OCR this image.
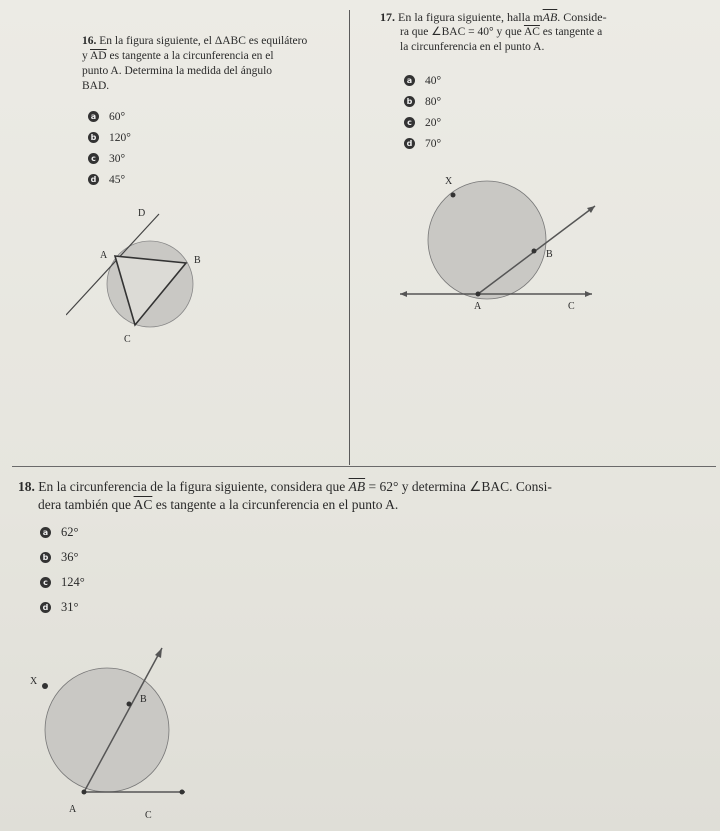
16. En la figura siguiente, el ΔABC es equilátero
y $\overline{AD}$ es tangente a la circunferencia en el
punto A. Determina la medida del ángulo
BAD.
a 60°
b 120°
c 30°
d 45°
D
A	B
C
17. En la figura siguiente, halla $m\overline{AB}$. Conside-
ra que ∠BAC = 40° y que $\overline{AC}$ es tangente a
la circunferencia en el punto A.
a 40°
b 80°
c 20°
d 70°
X
B
A	C
18. En la circunferencia de la figura siguiente, considera que $\overline{AB} = 62^\circ$ y determina ∠BAC. Consi-
dera también que $\overline{AC}$ es tangente a la circunferencia en el punto A.
a 62°
b 36°
c 124°
d 31°
X
B
A
C
